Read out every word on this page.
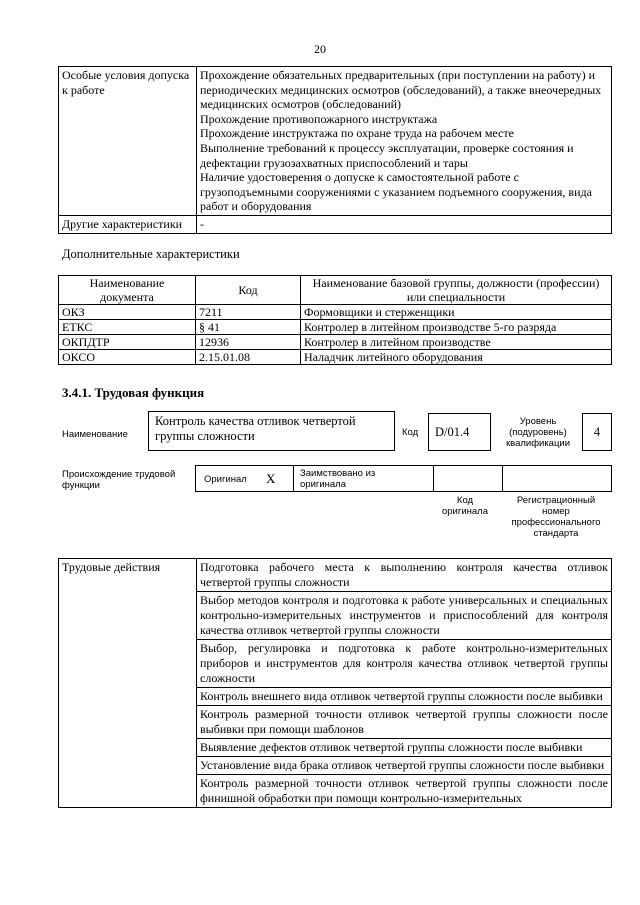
20
Особые условия допуска к работе	Прохождение обязательных предварительных (при поступлении на работу) и периодических медицинских осмотров (обследований), а также внеочередных медицинских осмотров (обследований)
Прохождение противопожарного инструктажа
Прохождение инструктажа по охране труда на рабочем месте
Выполнение требований к процессу эксплуатации, проверке состояния и дефектации грузозахватных приспособлений и тары
Наличие удостоверения о допуске к самостоятельной работе с грузоподъемными сооружениями с указанием подъемного сооружения, вида работ и оборудования

Другие характеристики	-
Дополнительные характеристики
Наименование документа	Код	Наименование базовой группы, должности (профессии) или специальности
ОКЗ	7211	Формовщики и стерженщики
ЕТКС	§ 41	Контролер в литейном производстве 5-го разряда
ОКПДТР	12936	Контролер в литейном производстве
ОКСО	2.15.01.08	Наладчик литейного оборудования
3.4.1. Трудовая функция
Наименование
Контроль качества отливок четвертой группы сложности	Код	D/01.4
Уровень (подуровень) квалификации
4
Происхождение трудовой функции
Оригинал X	Заимствовано из оригинала
Код оригинала
Регистрационный номер профессионального стандарта
Трудовые действия	Подготовка рабочего места к выполнению контроля качества отливок четвертой группы сложности
Выбор методов контроля и подготовка к работе универсальных и специальных контрольно-измерительных инструментов и приспособлений для контроля качества отливок четвертой группы сложности
Выбор, регулировка и подготовка к работе контрольно-измерительных приборов и инструментов для контроля качества отливок четвертой группы сложности
Контроль внешнего вида отливок четвертой группы сложности после выбивки
Контроль размерной точности отливок четвертой группы сложности после выбивки при помощи шаблонов
Выявление дефектов отливок четвертой группы сложности после выбивки
Установление вида брака отливок четвертой группы сложности после выбивки
Контроль размерной точности отливок четвертой группы сложности после финишной обработки при помощи контрольно-измерительных
